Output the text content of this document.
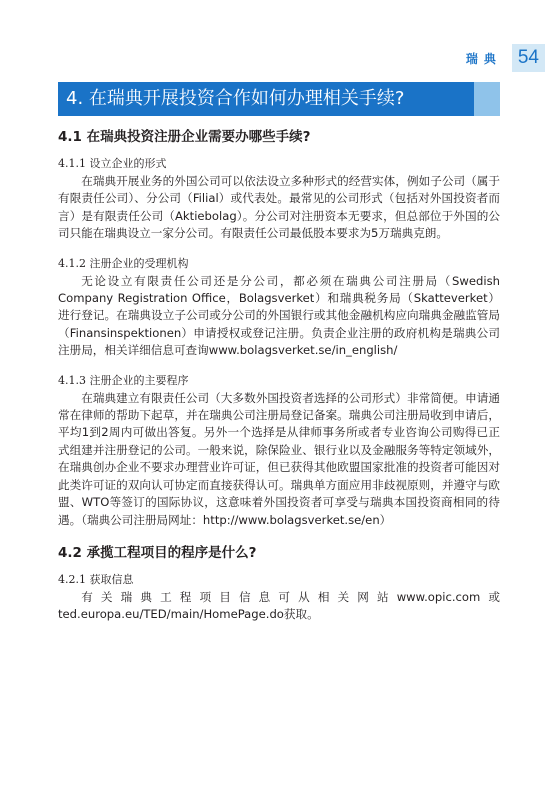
瑞典 54
4. 在瑞典开展投资合作如何办理相关手续?
4.1 在瑞典投资注册企业需要办哪些手续?
4.1.1 设立企业的形式

在瑞典开展业务的外国公司可以依法设立多种形式的经营实体，例如子公司（属于有限责任公司）、分公司（Filial）或代表处。最常见的公司形式（包括对外国投资者而言）是有限责任公司（Aktiebolag）。分公司对注册资本无要求，但总部位于外国的公司只能在瑞典设立一家分公司。有限责任公司最低股本要求为5万瑞典克朗。

4.1.2 注册企业的受理机构

无论设立有限责任公司还是分公司，都必须在瑞典公司注册局（Swedish Company Registration Office，Bolagsverket）和瑞典税务局（Skatteverket）进行登记。在瑞典设立子公司或分公司的外国银行或其他金融机构应向瑞典金融监管局（Finansinspektionen）申请授权或登记注册。负责企业注册的政府机构是瑞典公司注册局，相关详细信息可查询www.bolagsverket.se/in_english/

4.1.3 注册企业的主要程序

在瑞典建立有限责任公司（大多数外国投资者选择的公司形式）非常简便。申请通常在律师的帮助下起草，并在瑞典公司注册局登记备案。瑞典公司注册局收到申请后，平均1到2周内可做出答复。另外一个选择是从律师事务所或者专业咨询公司购得已正式组建并注册登记的公司。一般来说，除保险业、银行业以及金融服务等特定领域外，在瑞典创办企业不要求办理营业许可证，但已获得其他欧盟国家批准的投资者可能因对此类许可证的双向认可协定而直接获得认可。瑞典单方面应用非歧视原则，并遵守与欧盟、WTO等签订的国际协议，这意味着外国投资者可享受与瑞典本国投资商相同的待遇。（瑞典公司注册局网址：http://www.bolagsverket.se/en）

4.2 承揽工程项目的程序是什么?
4.2.1 获取信息

有关瑞典工程项目信息可从相关网站www.opic.com或ted.europa.eu/TED/main/HomePage.do获取。
